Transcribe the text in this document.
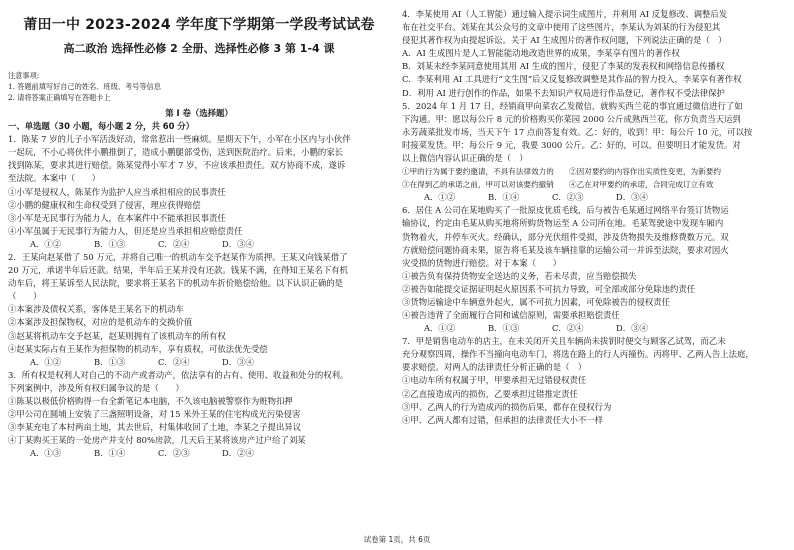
莆田一中 2023-2024 学年度下学期第一学段考试试卷
高二政治 选择性必修 2 全册、选择性必修 3 第 1-4 课

注意事项:

1. 答题前填写好自己的姓名、班级、考号等信息

2. 请将答案正确填写在答题卡上

第 I 卷（选择题）

一、单选题（30 小题，每小题 2 分，共 60 分）

1．陈某 7 岁的儿子小军活泼好动，常常惹出一些麻烦。星期天下午，小军在小区内与小伙伴

一起玩，不小心将伙伴小鹏推倒了，造成小鹏腿部受伤，送到医院治疗。后来，小鹏的家长

找到陈某，要求其进行赔偿。陈某觉得小军才 7 岁，不应该承担责任。双方协商不成，遂诉

至法院。本案中（　　）

①小军是侵权人，陈某作为监护人应当承担相应的民事责任

②小鹏的健康权和生命权受到了侵害，理应获得赔偿

③小军是无民事行为能力人，在本案件中不能承担民事责任

④小军虽属于无民事行为能力人，但还是应当承担相应赔偿责任

A．①②	B．①③	C．②④	D．③④

2．王某向赵某借了 50 万元，并将自己唯一的机动车交予赵某作为质押。王某又向钱某借了

20 万元，承诺半年后还款。结果，半年后王某并没有还款。钱某不满，在得知王某名下有机

动车后，将王某诉至人民法院，要求将王某名下的机动车折价赔偿给他。以下认识正确的是

（　　）

①本案涉及债权关系，客体是王某名下的机动车

②本案涉及担保物权，对应的是机动车的交换价值

③赵某将机动车交予赵某，赵某则拥有了该机动车的所有权

④赵某实际占有王某作为担保物的机动车，享有质权，可依法优先受偿

A．①②	B．①③	C．②④	D．③④

3．所有权是权利人对自己的不动产或者动产，依法享有的占有、使用、收益和处分的权利。

下列案例中，涉及所有权归属争议的是（　　）

①陈某以极低价格购得一台全新笔记本电脑，不久该电脑被警察作为赃物扣押

②甲公司在圆埔上安装了三盏照明设备，对 15 米外王某的住宅构成光污染侵害

③李某充电了本村两亩土地，其去世后，村集体收回了土地，李某之子提出异议

④丁某购买王某的一处房产并支付 80%房款，几天后王某将该房产过户给了刘某

A．①③	B．①④	C．②③	D．②④

4．李某使用 AI（人工智能）通过输入提示词生成图片，并利用 AI 反复修改、调整后发

布在社交平台。刘某在其公众号的文章中使用了这些图片，李某认为刘某的行为侵犯其

侵犯其著作权为由提起诉讼。关于 AI 生成图片的著作权问题，下列说法正确的是（　）

A．AI 生成图片是人工智能能动地改造世界的成果，李某享有图片的著作权

B．刘某未经李某同意使用其用 AI 生成的图片，侵犯了李某的发表权和网络信息传播权

C．李某利用 AI 工具进行“文生图”后又反复修改调整是其作品的智力投入，李某享有著作权

D．利用 AI 进行创作的作品，如果不去知识产权局进行作品登记，著作权不受法律保护

5．2024 年 1 月 17 日，经销商甲向菜农乙发微信，就购买西兰花的事宜通过微信进行了如

下沟通。甲：愿以每公斤 8 元的价格购买你菜园 2000 公斤成熟西兰花，你方负责当天运到

永芳蔬菜批发市场，当天下午 17 点前答复有效。乙：好的，收到！甲：每公斤 10 元，可以按

时接菜发货。甲：每公斤 9 元，我要 3000 公斤。乙：好的，可以。但要明日才能发货。对

以上微信内容认识正确的是（　）

①甲的行为属于要约邀请，不具有法律效力的　　②因对要约的内容作出实质性变更，为新要约

③在得到乙的承诺之前，甲可以对该要约撤销　　④乙在对甲要约的承诺，合同完成订立有效

A．①②	B．①④	C．②③	D．③④

6．居住 A 公司在某地购买了一批原皮优质毛线，后与被告毛某通过网络平台签订货物运

输协议，约定由毛某从购买地将所购货物运至 A 公司所在地。毛某驾驶途中发现车厢内

货物着火，并停车灭火。经确认，部分光伏组件受损，涉及货物损失及维修费数万元。双

方就赔偿问题协商未果，原告将毛某及该车辆挂靠的运输公司一并诉至法院，要求对因火

灾受损的货物进行赔偿。对于本案（　　）

①被告负有保持货物安全送达的义务，若未尽责，应当赔偿损失

②被告如能提交证据证明起火原因系不可抗力导致，可全部或部分免除违约责任

③货物运输途中车辆意外起火，属不可抗力因素，可免除被告的侵权责任

④被告违背了全面履行合同和诚信原则，需要承担赔偿责任

A．①②	B．①③	C．②④	D．③④

7．甲是销售电动车的店主，在未关闭开关且车辆尚未拔钥时便交与顾客乙试驾，而乙未

充分观察四周，操作不当撞向电动车门，将选在路上的行人丙撞伤。丙将甲、乙两人告上法庭，

要求赔偿。对两人的法律责任分析正确的是（　）

①电动车所有权属于甲，甲要承担无过错侵权责任

②乙直接造成丙的损伤，乙要承担过错推定责任

③甲、乙两人的行为造成丙的损伤后果，都存在侵权行为

④甲、乙两人都有过错，但承担的法律责任大小不一样

试卷第 1页，共 6页
